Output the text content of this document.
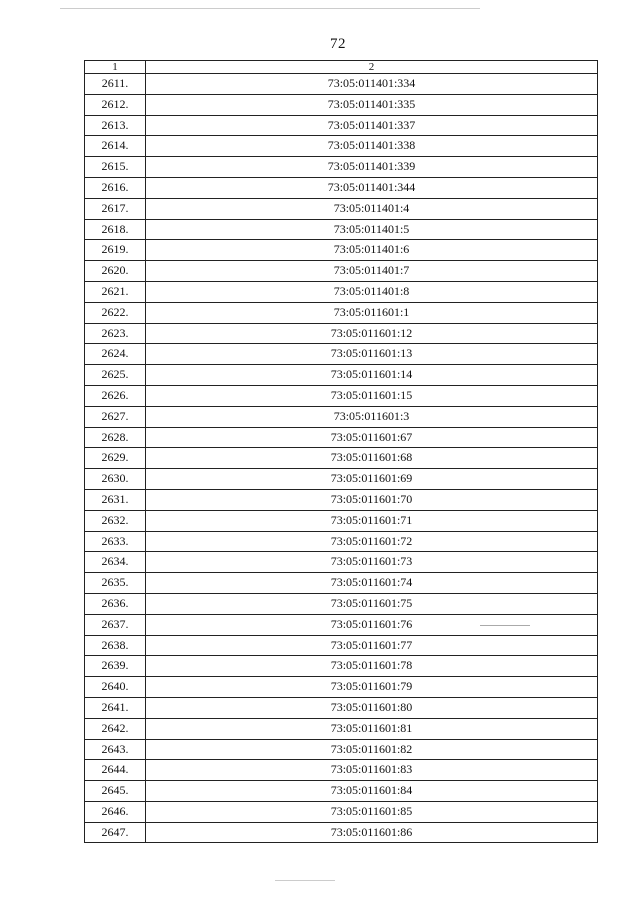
72
1	2
2611.	73:05:011401:334
2612.	73:05:011401:335
2613.	73:05:011401:337
2614.	73:05:011401:338
2615.	73:05:011401:339
2616.	73:05:011401:344
2617.	73:05:011401:4
2618.	73:05:011401:5
2619.	73:05:011401:6
2620.	73:05:011401:7
2621.	73:05:011401:8
2622.	73:05:011601:1
2623.	73:05:011601:12
2624.	73:05:011601:13
2625.	73:05:011601:14
2626.	73:05:011601:15
2627.	73:05:011601:3
2628.	73:05:011601:67
2629.	73:05:011601:68
2630.	73:05:011601:69
2631.	73:05:011601:70
2632.	73:05:011601:71
2633.	73:05:011601:72
2634.	73:05:011601:73
2635.	73:05:011601:74
2636.	73:05:011601:75
2637.	73:05:011601:76
2638.	73:05:011601:77
2639.	73:05:011601:78
2640.	73:05:011601:79
2641.	73:05:011601:80
2642.	73:05:011601:81
2643.	73:05:011601:82
2644.	73:05:011601:83
2645.	73:05:011601:84
2646.	73:05:011601:85
2647.	73:05:011601:86
